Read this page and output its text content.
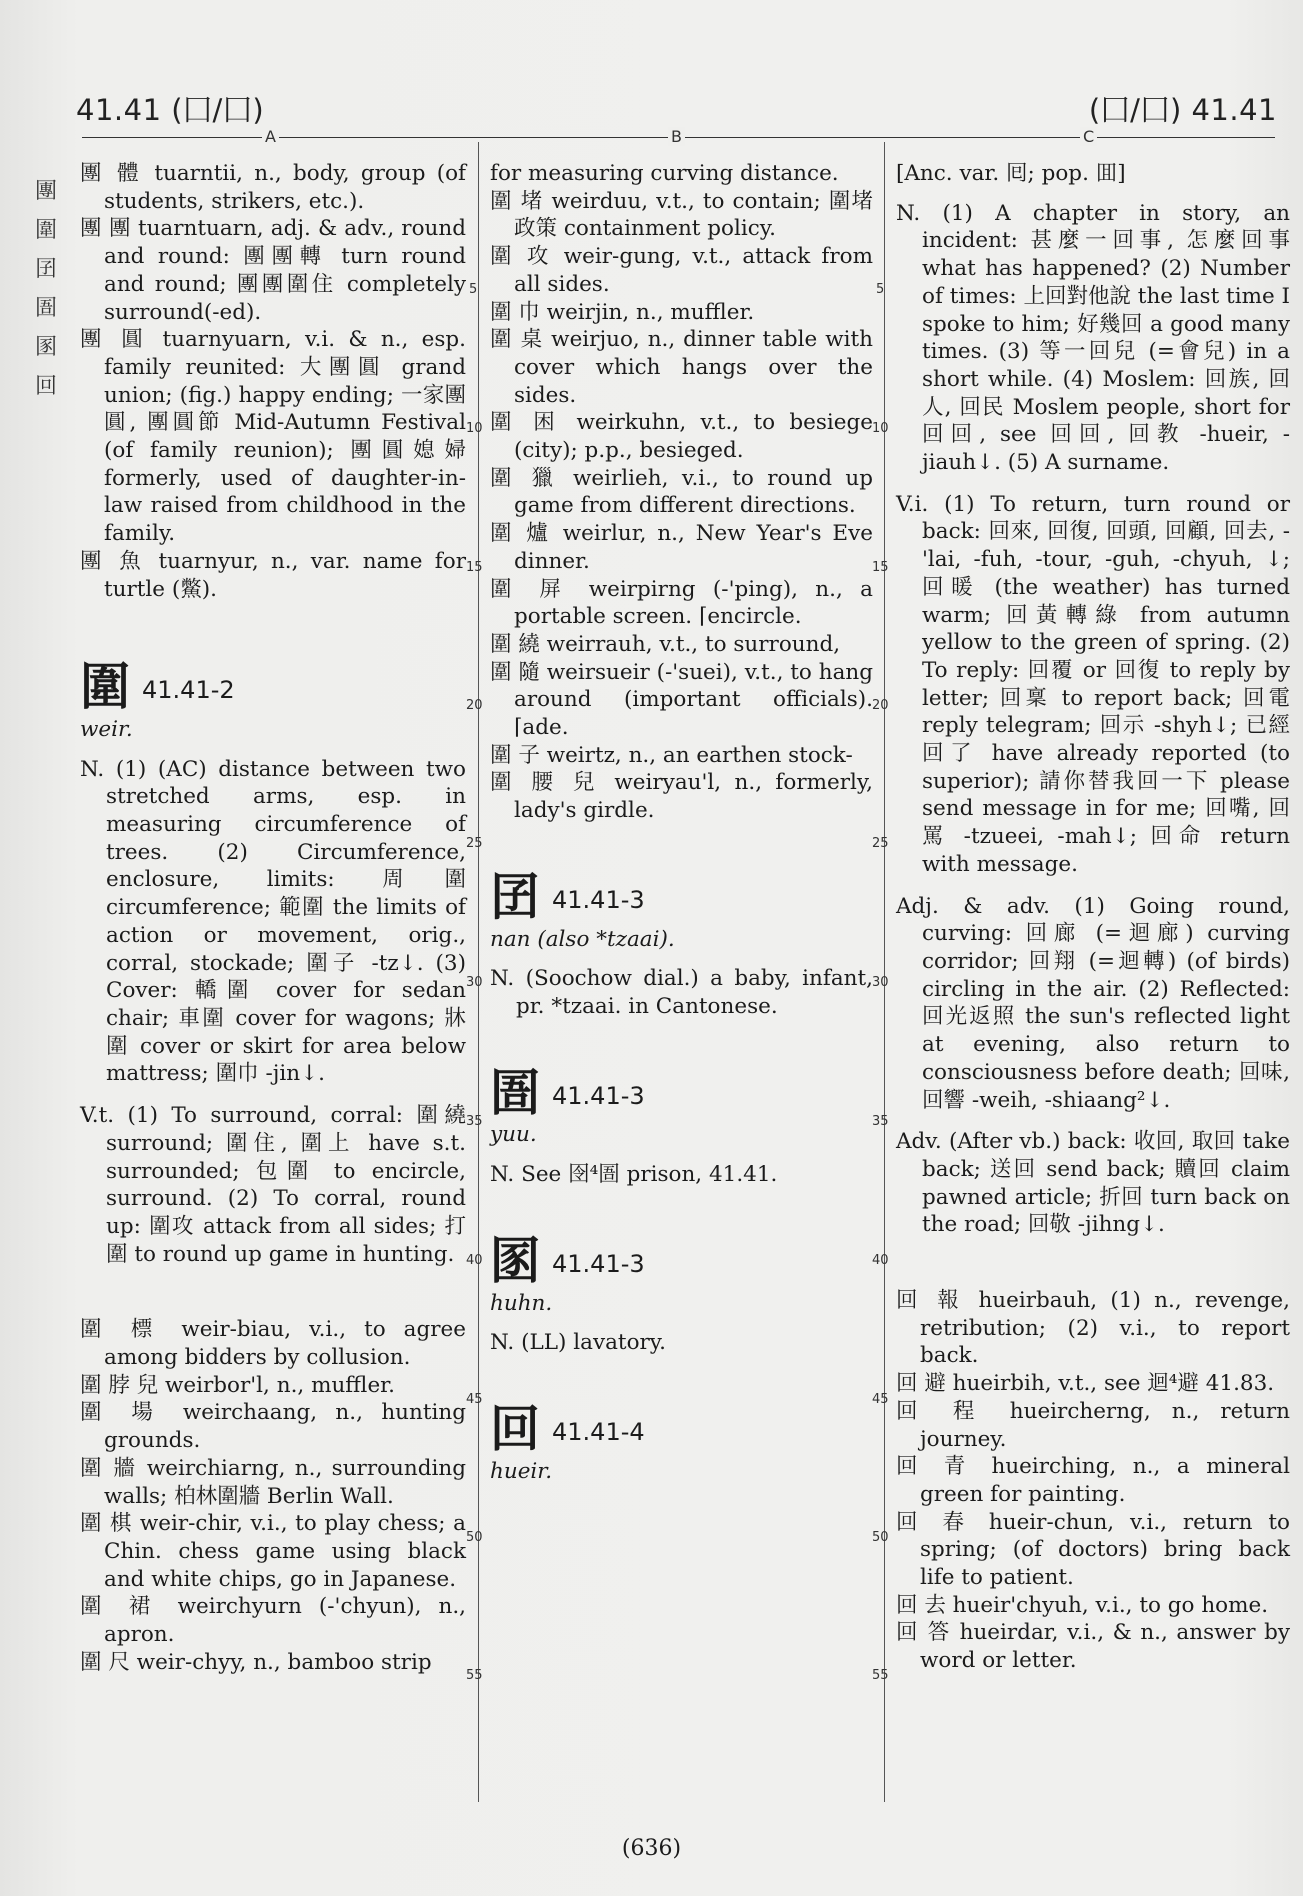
41.41 (囗/囗)	(囗/囗) 41.41
A	B	C
團
圍
囝
圄
圂
回
團 體 tuarntii, n., body, group (of students, strikers, etc.).
團 團 tuarntuarn, adj. & adv., round and round: 團團轉 turn round and round; 團團圍住 completely surround(-ed).
團 圓 tuarnyuarn, v.i. & n., esp. family reunited: 大團圓 grand union; (fig.) happy ending; 一家團圓, 團圓節 Mid-Autumn Festival (of family reunion); 團圓媳婦 formerly, used of daughter-in-law raised from childhood in the family.
團 魚 tuarnyur, n., var. name for turtle (鱉).
圍 41.41-2
weir.
N. (1) (AC) distance between two stretched arms, esp. in measuring circumference of trees. (2) Circumference, enclosure, limits: 周圍 circumference; 範圍 the limits of action or movement, orig., corral, stockade; 圍子 -tz↓. (3) Cover: 轎圍 cover for sedan chair; 車圍 cover for wagons; 牀圍 cover or skirt for area below mattress; 圍巾 -jin↓.
V.t. (1) To surround, corral: 圍繞 surround; 圍住, 圍上 have s.t. surrounded; 包圍 to encircle, surround. (2) To corral, round up: 圍攻 attack from all sides; 打圍 to round up game in hunting.
圍 標 weir-biau, v.i., to agree among bidders by collusion.
圍 脖 兒 weirbor'l, n., muffler.
圍 場 weirchaang, n., hunting grounds.
圍 牆 weirchiarng, n., surrounding walls; 柏林圍牆 Berlin Wall.
圍 棋 weir-chir, v.i., to play chess; a Chin. chess game using black and white chips, go in Japanese.
圍 裙 weirchyurn (-'chyun), n., apron.
圍 尺 weir-chyy, n., bamboo strip
for measuring curving distance.
圍 堵 weirduu, v.t., to contain; 圍堵政策 containment policy.
圍 攻 weir-gung, v.t., attack from all sides.
圍 巾 weirjin, n., muffler.
圍 桌 weirjuo, n., dinner table with cover which hangs over the sides.
圍 困 weirkuhn, v.t., to besiege (city); p.p., besieged.
圍 獵 weirlieh, v.i., to round up game from different directions.
圍 爐 weirlur, n., New Year's Eve dinner.
圍 屏 weirpirng (-'ping), n., a portable screen. ⌈encircle.
圍 繞 weirrauh, v.t., to surround,
圍 隨 weirsueir (-'suei), v.t., to hang around (important officials). ⌈ade.
圍 子 weirtz, n., an earthen stock-
圍 腰 兒 weiryau'l, n., formerly, lady's girdle.
囝 41.41-3
nan (also *tzaai).
N. (Soochow dial.) a baby, infant, pr. *tzaai. in Cantonese.
圄 41.41-3
yuu.
N. See 囹⁴圄 prison, 41.41.
圂 41.41-3
huhn.
N. (LL) lavatory.
回 41.41-4
hueir.
[Anc. var. 囘; pop. 囬]
N. (1) A chapter in story, an incident: 甚麼一回事, 怎麼回事 what has happened? (2) Number of times: 上回對他說 the last time I spoke to him; 好幾回 a good many times. (3) 等一回兒 (=會兒) in a short while. (4) Moslem: 回族, 回人, 回民 Moslem people, short for 回回, see 回回, 回教 -hueir, -jiauh↓. (5) A surname.
V.i. (1) To return, turn round or back: 回來, 回復, 回頭, 回顧, 回去, -'lai, -fuh, -tour, -guh, -chyuh, ↓; 回暖 (the weather) has turned warm; 回黃轉綠 from autumn yellow to the green of spring. (2) To reply: 回覆 or 回復 to reply by letter; 回稟 to report back; 回電 reply telegram; 回示 -shyh↓; 已經回了 have already reported (to superior); 請你替我回一下 please send message in for me; 回嘴, 回罵 -tzueei, -mah↓; 回命 return with message.
Adj. & adv. (1) Going round, curving: 回廊 (=迴廊) curving corridor; 回翔 (=迴轉) (of birds) circling in the air. (2) Reflected: 回光返照 the sun's reflected light at evening, also return to consciousness before death; 回味, 回響 -weih, -shiaang²↓.
Adv. (After vb.) back: 收回, 取回 take back; 送回 send back; 贖回 claim pawned article; 折回 turn back on the road; 回敬 -jihng↓.
回 報 hueirbauh, (1) n., revenge, retribution; (2) v.i., to report back.
回 避 hueirbih, v.t., see 迴⁴避 41.83.
回 程 hueircherng, n., return journey.
回 青 hueirching, n., a mineral green for painting.
回 春 hueir-chun, v.i., return to spring; (of doctors) bring back life to patient.
回 去 hueir'chyuh, v.i., to go home.
回 答 hueirdar, v.i., & n., answer by word or letter.
5
10
15
20
25
30
35
40
45
50
55
5
10
15
20
25
30
35
40
45
50
55
(636)
